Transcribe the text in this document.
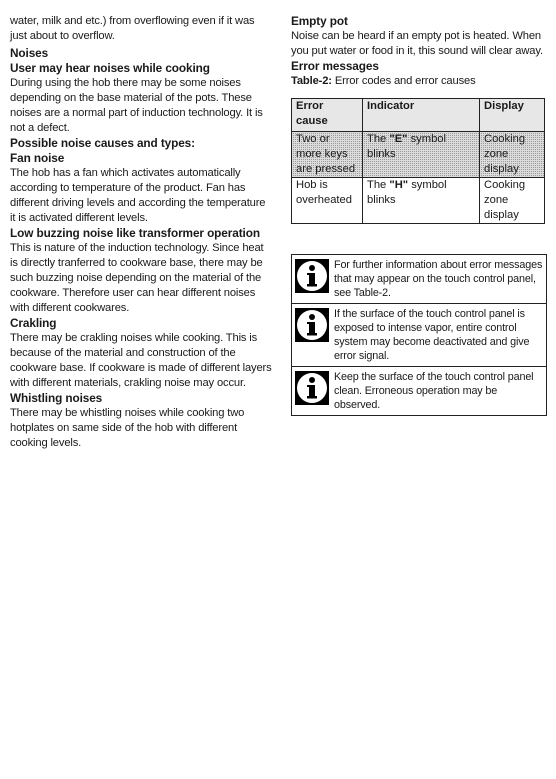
water, milk and etc.) from overflowing even if it was just about to overflow.

Noises
User may hear noises while cooking

During using the hob there may be some noises depending on the base material of the pots. These noises are a normal part of induction technology. It is not a defect.

Possible noise causes and types:
Fan noise

The hob has a fan which activates automatically according to temperature of the product. Fan has different driving levels and according the temperature it is activated different levels.

Low buzzing noise like transformer operation

This is nature of the induction technology. Since heat is directly tranferred to cookware base, there may be such buzzing noise depending on the material of the cookware. Therefore user can hear different noises with different cookwares.

Crakling

There may be crakling noises while cooking. This is because of the material and construction of the cookware base. If cookware is made of different layers with different materials, crakling noise may occur.

Whistling noises

There may be whistling noises while cooking two hotplates on same side of the hob with different cooking levels.

Empty pot

Noise can be heard if an empty pot is heated. When you put water or food in it, this sound will clear away.

Error messages

Table-2: Error codes and error causes

Error cause	Indicator	Display
Two or more keys are pressed	The "E" symbol blinks	Cooking zone display
Hob is overheated	The "H" symbol blinks	Cooking zone display
For further information about error messages that may appear on the touch control panel, see Table-2.
If the surface of the touch control panel is exposed to intense vapor, entire control system may become deactivated and give error signal.
Keep the surface of the touch control panel clean. Erroneous operation may be observed.
